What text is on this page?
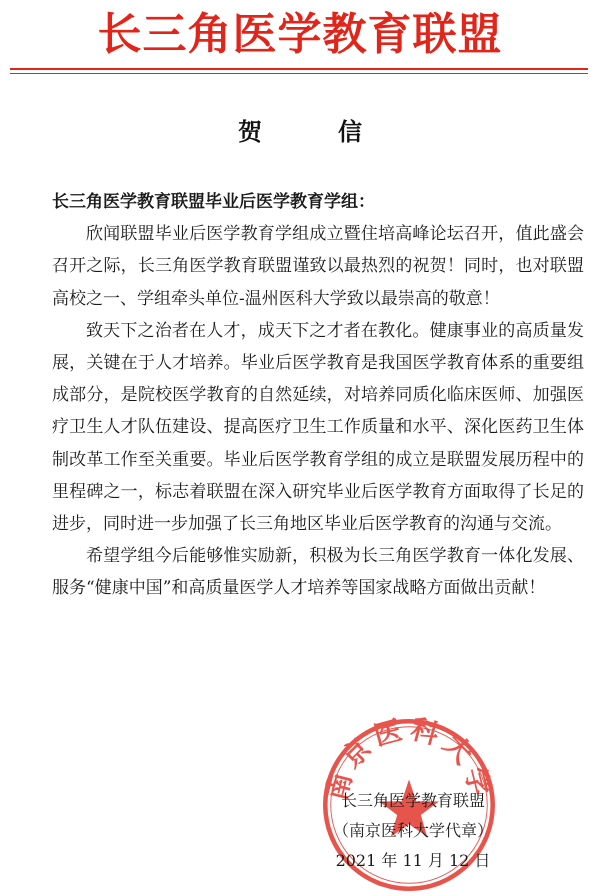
长三角医学教育联盟
贺　信
长三角医学教育联盟毕业后医学教育学组：

欣闻联盟毕业后医学教育学组成立暨住培高峰论坛召开，值此盛会召开之际，长三角医学教育联盟谨致以最热烈的祝贺！同时，也对联盟高校之一、学组牵头单位-温州医科大学致以最崇高的敬意！

致天下之治者在人才，成天下之才者在教化。健康事业的高质量发展，关键在于人才培养。毕业后医学教育是我国医学教育体系的重要组成部分，是院校医学教育的自然延续，对培养同质化临床医师、加强医疗卫生人才队伍建设、提高医疗卫生工作质量和水平、深化医药卫生体制改革工作至关重要。毕业后医学教育学组的成立是联盟发展历程中的里程碑之一，标志着联盟在深入研究毕业后医学教育方面取得了长足的进步，同时进一步加强了长三角地区毕业后医学教育的沟通与交流。

希望学组今后能够惟实励新，积极为长三角医学教育一体化发展、服务“健康中国”和高质量医学人才培养等国家战略方面做出贡献！

南京医科大学
长三角医学教育联盟
（南京医科大学代章）
2021 年 11 月 12 日
